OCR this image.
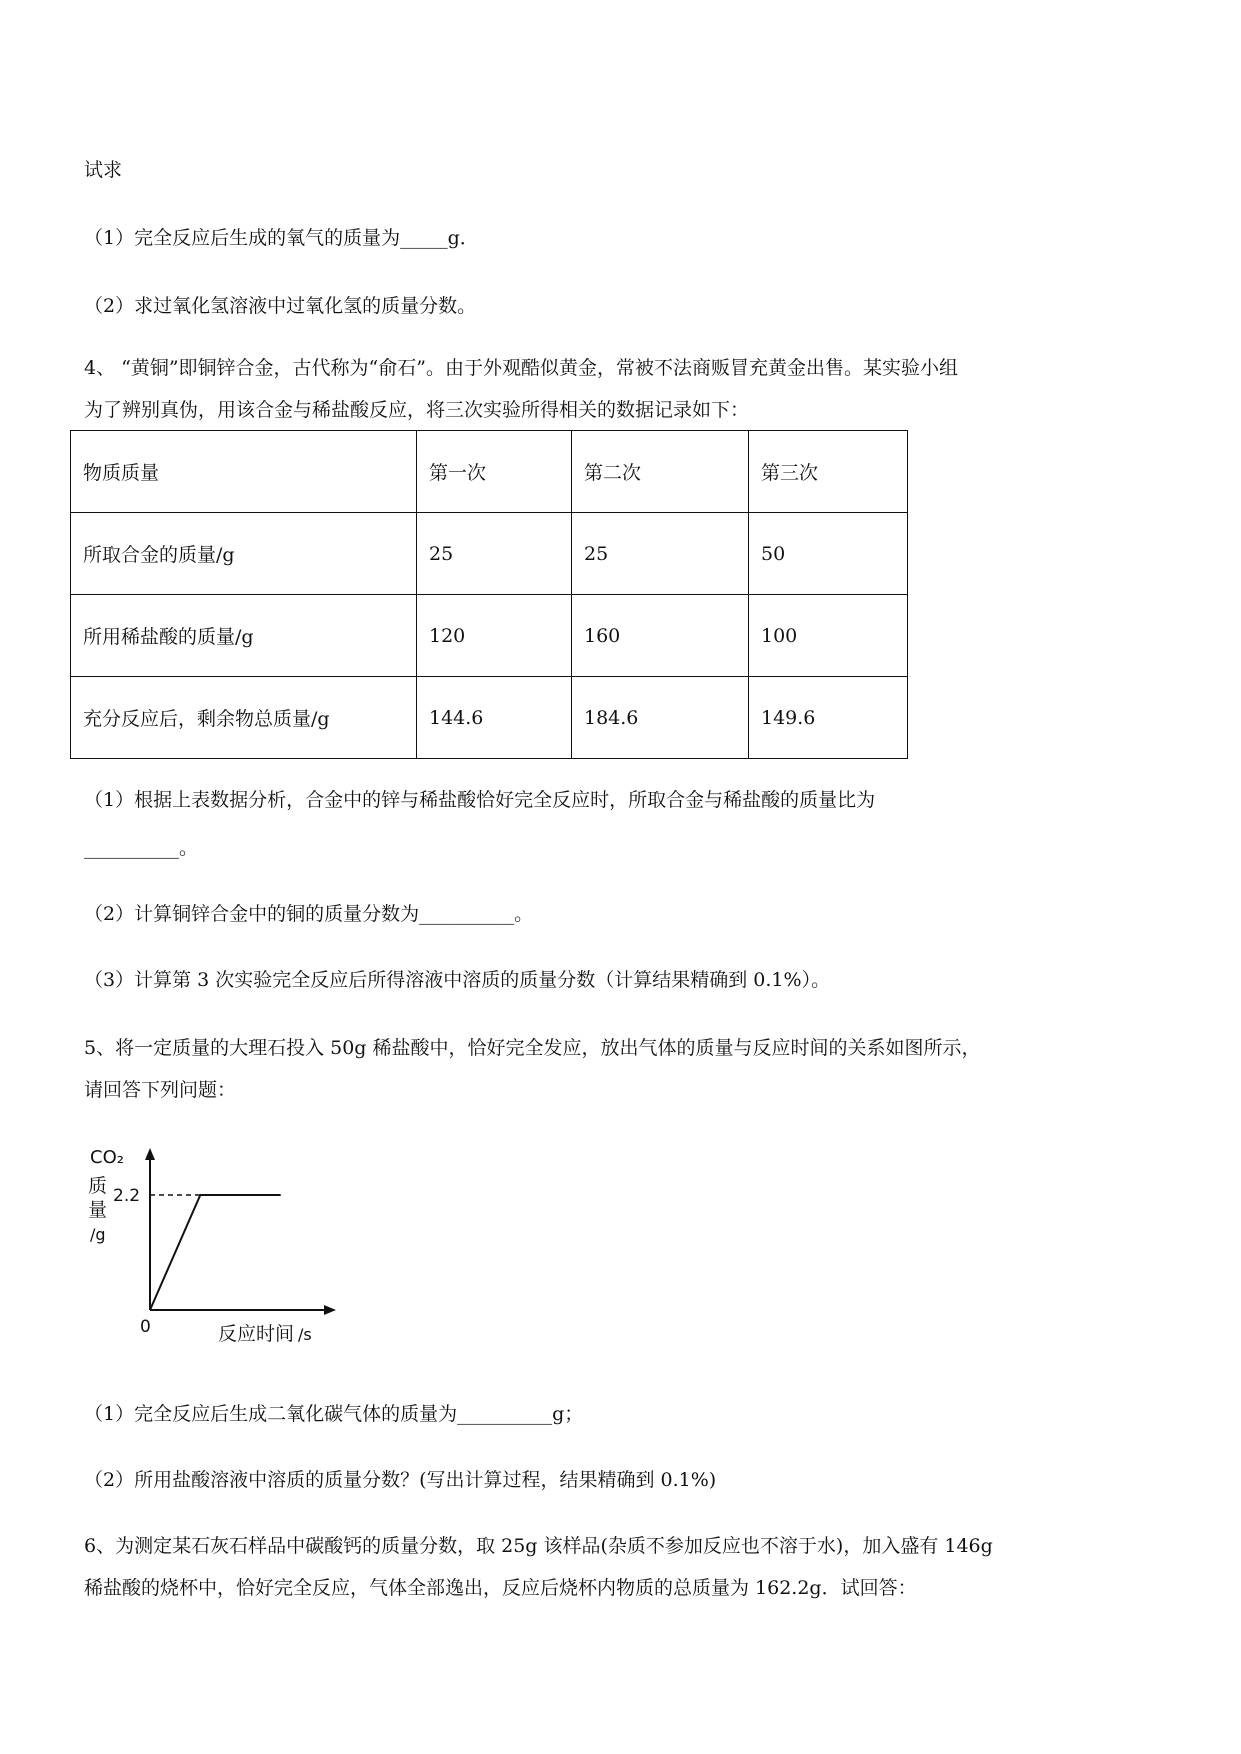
试求
（1）完全反应后生成的氧气的质量为_____g．
（2）求过氧化氢溶液中过氧化氢的质量分数。
4、 “黄铜”即铜锌合金，古代称为“俞石”。由于外观酷似黄金，常被不法商贩冒充黄金出售。某实验小组
为了辨别真伪，用该合金与稀盐酸反应，将三次实验所得相关的数据记录如下：
物质质量	第一次	第二次	第三次
所取合金的质量/g	25	25	50
所用稀盐酸的质量/g	120	160	100
充分反应后，剩余物总质量/g	144.6	184.6	149.6
（1）根据上表数据分析，合金中的锌与稀盐酸恰好完全反应时，所取合金与稀盐酸的质量比为
__________。
（2）计算铜锌合金中的铜的质量分数为__________。
（3）计算第 3 次实验完全反应后所得溶液中溶质的质量分数（计算结果精确到 0.1%）。
5、将一定质量的大理石投入 50g 稀盐酸中，恰好完全发应，放出气体的质量与反应时间的关系如图所示，
请回答下列问题：
CO₂
质
量
/g
2.2
0	反应时间 /s
（1）完全反应后生成二氧化碳气体的质量为__________g；
（2）所用盐酸溶液中溶质的质量分数？(写出计算过程，结果精确到 0.1%)
6、为测定某石灰石样品中碳酸钙的质量分数，取 25g 该样品(杂质不参加反应也不溶于水)，加入盛有 146g
稀盐酸的烧杯中，恰好完全反应，气体全部逸出，反应后烧杯内物质的总质量为 162.2g．试回答：
